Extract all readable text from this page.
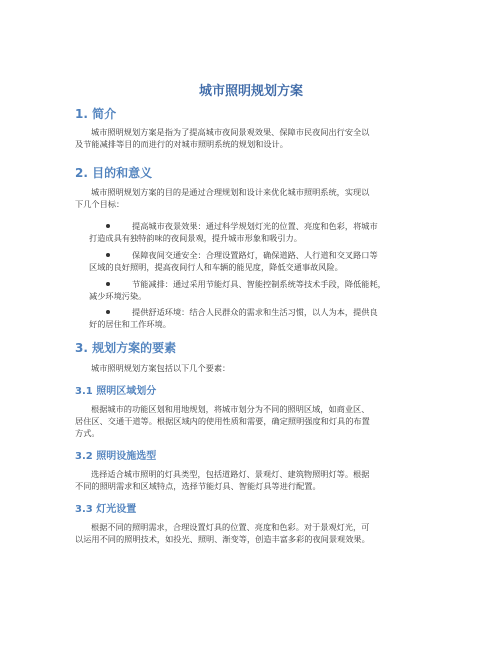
城市照明规划方案
1. 简介
城市照明规划方案是指为了提高城市夜间景观效果、保障市民夜间出行安全以
及节能减排等目的而进行的对城市照明系统的规划和设计。
2. 目的和意义
城市照明规划方案的目的是通过合理规划和设计来优化城市照明系统，实现以
下几个目标：
提高城市夜景效果：通过科学规划灯光的位置、亮度和色彩，将城市
打造成具有独特韵味的夜间景观，提升城市形象和吸引力。
保障夜间交通安全：合理设置路灯，确保道路、人行道和交叉路口等
区域的良好照明，提高夜间行人和车辆的能见度，降低交通事故风险。
节能减排：通过采用节能灯具、智能控制系统等技术手段，降低能耗，
减少环境污染。
提供舒适环境：结合人民群众的需求和生活习惯，以人为本，提供良
好的居住和工作环境。
3. 规划方案的要素
城市照明规划方案包括以下几个要素：
3.1 照明区域划分
根据城市的功能区划和用地规划，将城市划分为不同的照明区域，如商业区、
居住区、交通干道等。根据区域内的使用性质和需要，确定照明强度和灯具的布置
方式。
3.2 照明设施选型
选择适合城市照明的灯具类型，包括道路灯、景观灯、建筑物照明灯等。根据
不同的照明需求和区域特点，选择节能灯具、智能灯具等进行配置。
3.3 灯光设置
根据不同的照明需求，合理设置灯具的位置、亮度和色彩。对于景观灯光，可
以运用不同的照明技术，如投光、照明、渐变等，创造丰富多彩的夜间景观效果。
